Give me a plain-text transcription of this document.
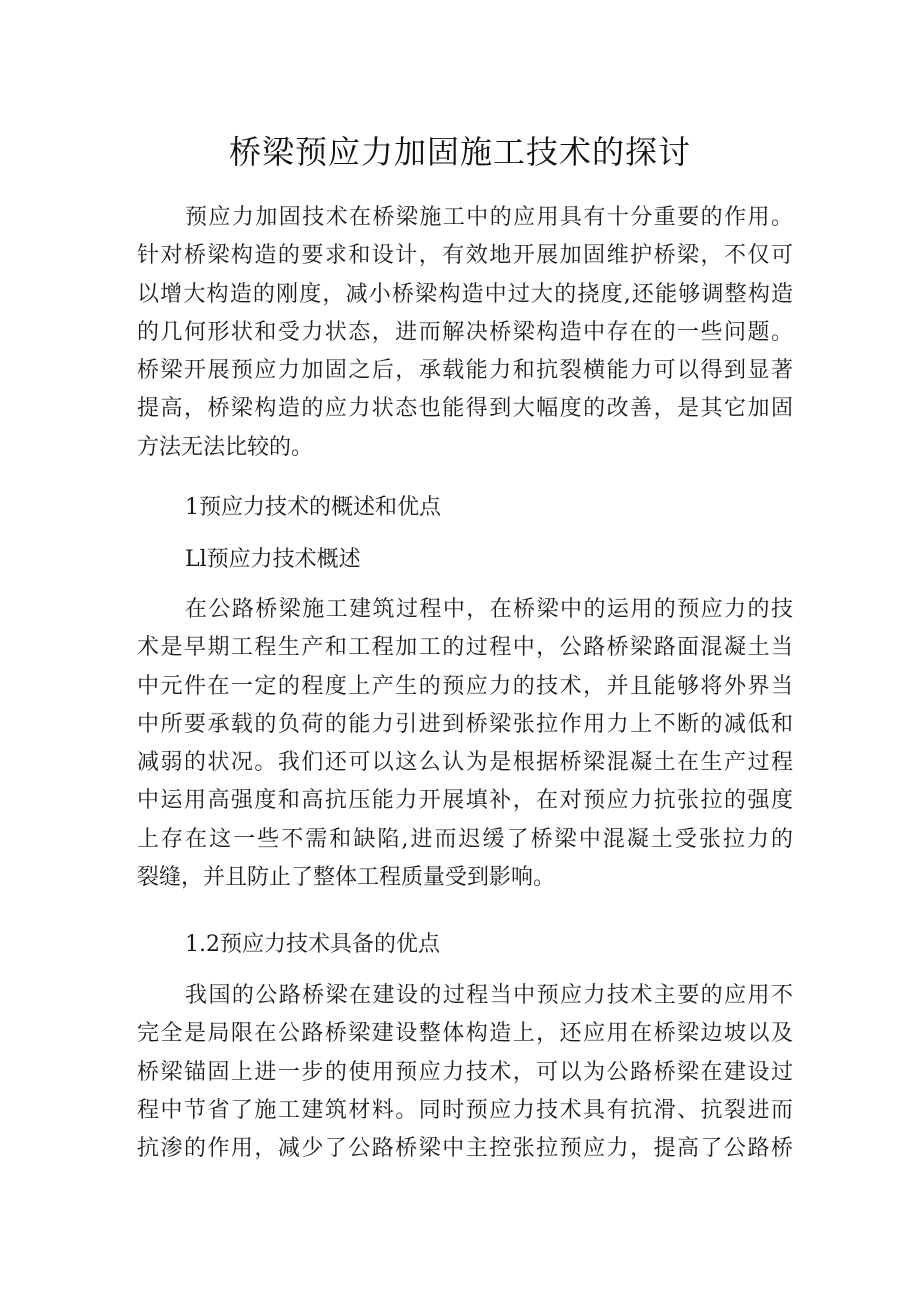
桥梁预应力加固施工技术的探讨
预应力加固技术在桥梁施工中的应用具有十分重要的作用。
针对桥梁构造的要求和设计，有效地开展加固维护桥梁，不仅可
以增大构造的刚度，减小桥梁构造中过大的挠度,还能够调整构造
的几何形状和受力状态，进而解决桥梁构造中存在的一些问题。
桥梁开展预应力加固之后，承载能力和抗裂横能力可以得到显著
提高，桥梁构造的应力状态也能得到大幅度的改善，是其它加固
方法无法比较的。
1预应力技术的概述和优点
Ll预应力技术概述
在公路桥梁施工建筑过程中，在桥梁中的运用的预应力的技
术是早期工程生产和工程加工的过程中，公路桥梁路面混凝土当
中元件在一定的程度上产生的预应力的技术，并且能够将外界当
中所要承载的负荷的能力引进到桥梁张拉作用力上不断的减低和
减弱的状况。我们还可以这么认为是根据桥梁混凝土在生产过程
中运用高强度和高抗压能力开展填补，在对预应力抗张拉的强度
上存在这一些不需和缺陷,进而迟缓了桥梁中混凝土受张拉力的
裂缝，并且防止了整体工程质量受到影响。
1.2预应力技术具备的优点
我国的公路桥梁在建设的过程当中预应力技术主要的应用不
完全是局限在公路桥梁建设整体构造上，还应用在桥梁边坡以及
桥梁锚固上进一步的使用预应力技术，可以为公路桥梁在建设过
程中节省了施工建筑材料。同时预应力技术具有抗滑、抗裂进而
抗渗的作用，减少了公路桥梁中主控张拉预应力，提高了公路桥
